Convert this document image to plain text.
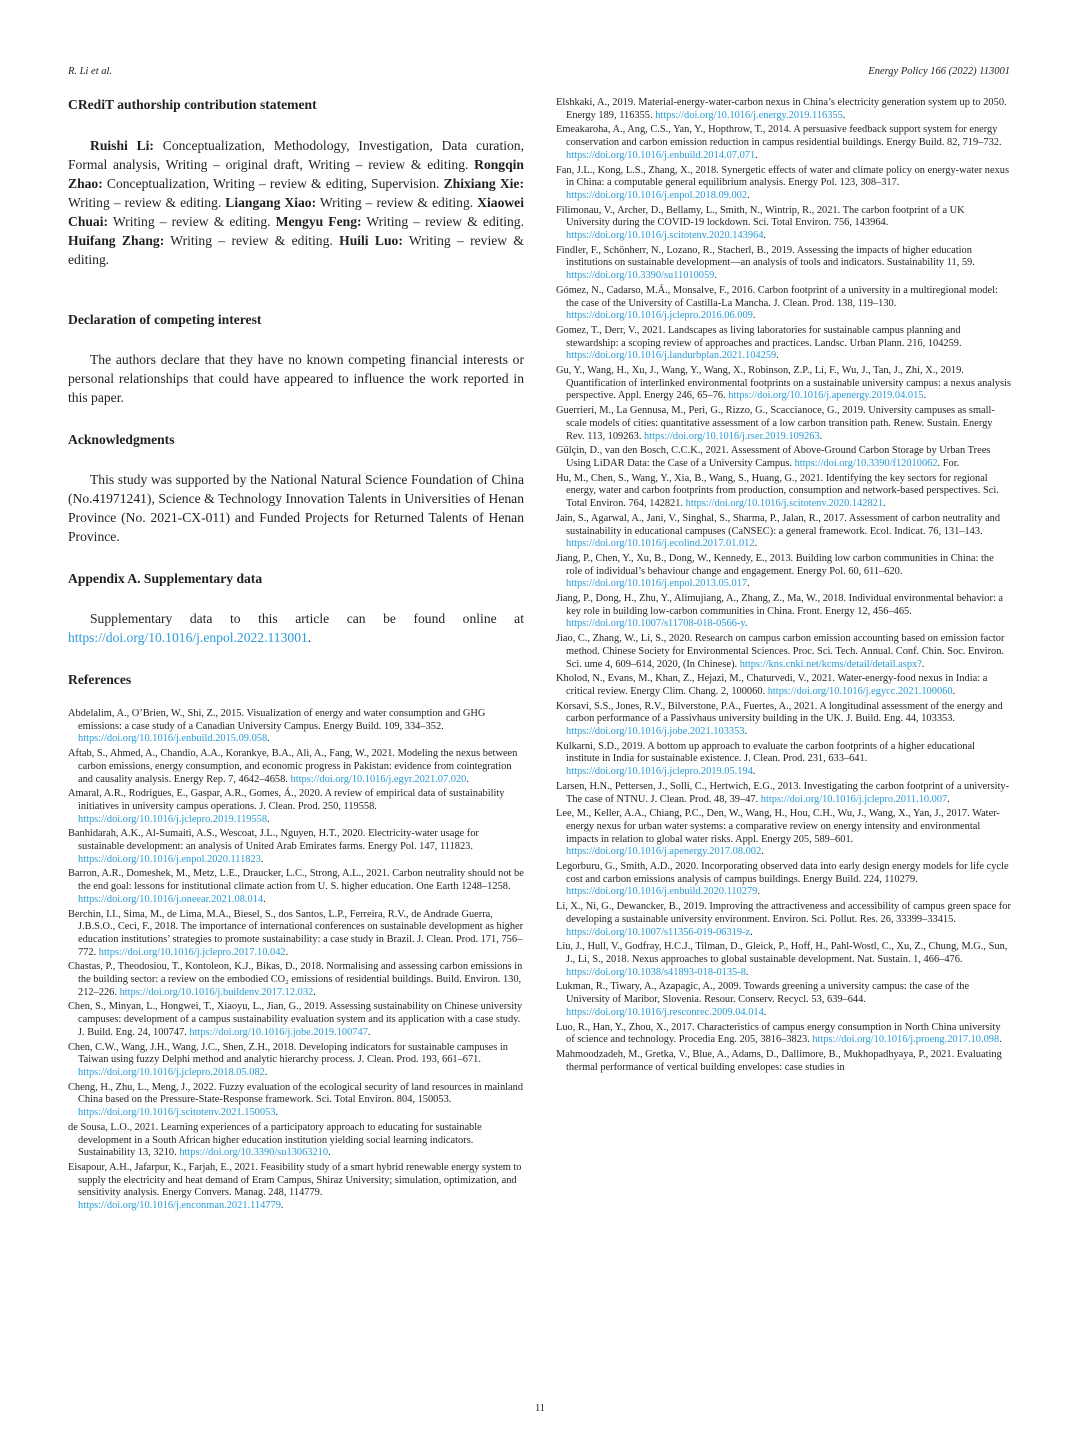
R. Li et al.	Energy Policy 166 (2022) 113001
CRediT authorship contribution statement

Ruishi Li: Conceptualization, Methodology, Investigation, Data curation, Formal analysis, Writing – original draft, Writing – review & editing. Rongqin Zhao: Conceptualization, Writing – review & editing, Supervision. Zhixiang Xie: Writing – review & editing. Liangang Xiao: Writing – review & editing. Xiaowei Chuai: Writing – review & editing. Mengyu Feng: Writing – review & editing. Huifang Zhang: Writing – review & editing. Huili Luo: Writing – review & editing.

Declaration of competing interest

The authors declare that they have no known competing financial interests or personal relationships that could have appeared to influence the work reported in this paper.

Acknowledgments

This study was supported by the National Natural Science Foundation of China (No.41971241), Science & Technology Innovation Talents in Universities of Henan Province (No. 2021-CX-011) and Funded Projects for Returned Talents of Henan Province.

Appendix A. Supplementary data

Supplementary data to this article can be found online at https://doi.org/10.1016/j.enpol.2022.113001.

References

Abdelalim, A., O’Brien, W., Shi, Z., 2015. Visualization of energy and water consumption and GHG emissions: a case study of a Canadian University Campus. Energy Build. 109, 334–352. https://doi.org/10.1016/j.enbuild.2015.09.058.

Aftab, S., Ahmed, A., Chandio, A.A., Korankye, B.A., Ali, A., Fang, W., 2021. Modeling the nexus between carbon emissions, energy consumption, and economic progress in Pakistan: evidence from cointegration and causality analysis. Energy Rep. 7, 4642–4658. https://doi.org/10.1016/j.egyr.2021.07.020.

Amaral, A.R., Rodrigues, E., Gaspar, A.R., Gomes, Á., 2020. A review of empirical data of sustainability initiatives in university campus operations. J. Clean. Prod. 250, 119558. https://doi.org/10.1016/j.jclepro.2019.119558.

Banhidarah, A.K., Al-Sumaiti, A.S., Wescoat, J.L., Nguyen, H.T., 2020. Electricity-water usage for sustainable development: an analysis of United Arab Emirates farms. Energy Pol. 147, 111823. https://doi.org/10.1016/j.enpol.2020.111823.

Barron, A.R., Domeshek, M., Metz, L.E., Draucker, L.C., Strong, A.L., 2021. Carbon neutrality should not be the end goal: lessons for institutional climate action from U. S. higher education. One Earth 1248–1258. https://doi.org/10.1016/j.oneear.2021.08.014.

Berchin, I.I., Sima, M., de Lima, M.A., Biesel, S., dos Santos, L.P., Ferreira, R.V., de Andrade Guerra, J.B.S.O., Ceci, F., 2018. The importance of international conferences on sustainable development as higher education institutions’ strategies to promote sustainability: a case study in Brazil. J. Clean. Prod. 171, 756–772. https://doi.org/10.1016/j.jclepro.2017.10.042.

Chastas, P., Theodosiou, T., Kontoleon, K.J., Bikas, D., 2018. Normalising and assessing carbon emissions in the building sector: a review on the embodied CO₂ emissions of residential buildings. Build. Environ. 130, 212–226. https://doi.org/10.1016/j.buildenv.2017.12.032.

Chen, S., Minyan, L., Hongwei, T., Xiaoyu, L., Jian, G., 2019. Assessing sustainability on Chinese university campuses: development of a campus sustainability evaluation system and its application with a case study. J. Build. Eng. 24, 100747. https://doi.org/10.1016/j.jobe.2019.100747.

Chen, C.W., Wang, J.H., Wang, J.C., Shen, Z.H., 2018. Developing indicators for sustainable campuses in Taiwan using fuzzy Delphi method and analytic hierarchy process. J. Clean. Prod. 193, 661–671. https://doi.org/10.1016/j.jclepro.2018.05.082.

Cheng, H., Zhu, L., Meng, J., 2022. Fuzzy evaluation of the ecological security of land resources in mainland China based on the Pressure-State-Response framework. Sci. Total Environ. 804, 150053. https://doi.org/10.1016/j.scitotenv.2021.150053.

de Sousa, L.O., 2021. Learning experiences of a participatory approach to educating for sustainable development in a South African higher education institution yielding social learning indicators. Sustainability 13, 3210. https://doi.org/10.3390/su13063210.

Eisapour, A.H., Jafarpur, K., Farjah, E., 2021. Feasibility study of a smart hybrid renewable energy system to supply the electricity and heat demand of Eram Campus, Shiraz University; simulation, optimization, and sensitivity analysis. Energy Convers. Manag. 248, 114779. https://doi.org/10.1016/j.enconman.2021.114779.

Elshkaki, A., 2019. Material-energy-water-carbon nexus in China’s electricity generation system up to 2050. Energy 189, 116355. https://doi.org/10.1016/j.energy.2019.116355.

Emeakaroha, A., Ang, C.S., Yan, Y., Hopthrow, T., 2014. A persuasive feedback support system for energy conservation and carbon emission reduction in campus residential buildings. Energy Build. 82, 719–732. https://doi.org/10.1016/j.enbuild.2014.07.071.

Fan, J.L., Kong, L.S., Zhang, X., 2018. Synergetic effects of water and climate policy on energy-water nexus in China: a computable general equilibrium analysis. Energy Pol. 123, 308–317. https://doi.org/10.1016/j.enpol.2018.09.002.

Filimonau, V., Archer, D., Bellamy, L., Smith, N., Wintrip, R., 2021. The carbon footprint of a UK University during the COVID-19 lockdown. Sci. Total Environ. 756, 143964. https://doi.org/10.1016/j.scitotenv.2020.143964.

Findler, F., Schönherr, N., Lozano, R., Stacherl, B., 2019. Assessing the impacts of higher education institutions on sustainable development—an analysis of tools and indicators. Sustainability 11, 59. https://doi.org/10.3390/su11010059.

Gómez, N., Cadarso, M.Á., Monsalve, F., 2016. Carbon footprint of a university in a multiregional model: the case of the University of Castilla-La Mancha. J. Clean. Prod. 138, 119–130. https://doi.org/10.1016/j.jclepro.2016.06.009.

Gomez, T., Derr, V., 2021. Landscapes as living laboratories for sustainable campus planning and stewardship: a scoping review of approaches and practices. Landsc. Urban Plann. 216, 104259. https://doi.org/10.1016/j.landurbplan.2021.104259.

Gu, Y., Wang, H., Xu, J., Wang, Y., Wang, X., Robinson, Z.P., Li, F., Wu, J., Tan, J., Zhi, X., 2019. Quantification of interlinked environmental footprints on a sustainable university campus: a nexus analysis perspective. Appl. Energy 246, 65–76. https://doi.org/10.1016/j.apenergy.2019.04.015.

Guerrieri, M., La Gennusa, M., Peri, G., Rizzo, G., Scaccianoce, G., 2019. University campuses as small-scale models of cities: quantitative assessment of a low carbon transition path. Renew. Sustain. Energy Rev. 113, 109263. https://doi.org/10.1016/j.rser.2019.109263.

Gülçin, D., van den Bosch, C.C.K., 2021. Assessment of Above-Ground Carbon Storage by Urban Trees Using LiDAR Data: the Case of a University Campus. https://doi.org/10.3390/f12010062. For.

Hu, M., Chen, S., Wang, Y., Xia, B., Wang, S., Huang, G., 2021. Identifying the key sectors for regional energy, water and carbon footprints from production, consumption and network-based perspectives. Sci. Total Environ. 764, 142821. https://doi.org/10.1016/j.scitotenv.2020.142821.

Jain, S., Agarwal, A., Jani, V., Singhal, S., Sharma, P., Jalan, R., 2017. Assessment of carbon neutrality and sustainability in educational campuses (CaNSEC): a general framework. Ecol. Indicat. 76, 131–143. https://doi.org/10.1016/j.ecolind.2017.01.012.

Jiang, P., Chen, Y., Xu, B., Dong, W., Kennedy, E., 2013. Building low carbon communities in China: the role of individual’s behaviour change and engagement. Energy Pol. 60, 611–620. https://doi.org/10.1016/j.enpol.2013.05.017.

Jiang, P., Dong, H., Zhu, Y., Alimujiang, A., Zhang, Z., Ma, W., 2018. Individual environmental behavior: a key role in building low-carbon communities in China. Front. Energy 12, 456–465. https://doi.org/10.1007/s11708-018-0566-y.

Jiao, C., Zhang, W., Li, S., 2020. Research on campus carbon emission accounting based on emission factor method. Chinese Society for Environmental Sciences. Proc. Sci. Tech. Annual. Conf. Chin. Soc. Environ. Sci. ume 4, 609–614, 2020, (In Chinese). https://kns.cnki.net/kcms/detail/detail.aspx?.

Kholod, N., Evans, M., Khan, Z., Hejazi, M., Chaturvedi, V., 2021. Water-energy-food nexus in India: a critical review. Energy Clim. Chang. 2, 100060. https://doi.org/10.1016/j.egycc.2021.100060.

Korsavi, S.S., Jones, R.V., Bilverstone, P.A., Fuertes, A., 2021. A longitudinal assessment of the energy and carbon performance of a Passivhaus university building in the UK. J. Build. Eng. 44, 103353. https://doi.org/10.1016/j.jobe.2021.103353.

Kulkarni, S.D., 2019. A bottom up approach to evaluate the carbon footprints of a higher educational institute in India for sustainable existence. J. Clean. Prod. 231, 633–641. https://doi.org/10.1016/j.jclepro.2019.05.194.

Larsen, H.N., Pettersen, J., Solli, C., Hertwich, E.G., 2013. Investigating the carbon footprint of a university-The case of NTNU. J. Clean. Prod. 48, 39–47. https://doi.org/10.1016/j.jclepro.2011.10.007.

Lee, M., Keller, A.A., Chiang, P.C., Den, W., Wang, H., Hou, C.H., Wu, J., Wang, X., Yan, J., 2017. Water-energy nexus for urban water systems: a comparative review on energy intensity and environmental impacts in relation to global water risks. Appl. Energy 205, 589–601. https://doi.org/10.1016/j.apenergy.2017.08.002.

Legorburu, G., Smith, A.D., 2020. Incorporating observed data into early design energy models for life cycle cost and carbon emissions analysis of campus buildings. Energy Build. 224, 110279. https://doi.org/10.1016/j.enbuild.2020.110279.

Li, X., Ni, G., Dewancker, B., 2019. Improving the attractiveness and accessibility of campus green space for developing a sustainable university environment. Environ. Sci. Pollut. Res. 26, 33399–33415. https://doi.org/10.1007/s11356-019-06319-z.

Liu, J., Hull, V., Godfray, H.C.J., Tilman, D., Gleick, P., Hoff, H., Pahl-Wostl, C., Xu, Z., Chung, M.G., Sun, J., Li, S., 2018. Nexus approaches to global sustainable development. Nat. Sustain. 1, 466–476. https://doi.org/10.1038/s41893-018-0135-8.

Lukman, R., Tiwary, A., Azapagic, A., 2009. Towards greening a university campus: the case of the University of Maribor, Slovenia. Resour. Conserv. Recycl. 53, 639–644. https://doi.org/10.1016/j.resconrec.2009.04.014.

Luo, R., Han, Y., Zhou, X., 2017. Characteristics of campus energy consumption in North China university of science and technology. Procedia Eng. 205, 3816–3823. https://doi.org/10.1016/j.proeng.2017.10.098.

Mahmoodzadeh, M., Gretka, V., Blue, A., Adams, D., Dallimore, B., Mukhopadhyaya, P., 2021. Evaluating thermal performance of vertical building envelopes: case studies in

11
